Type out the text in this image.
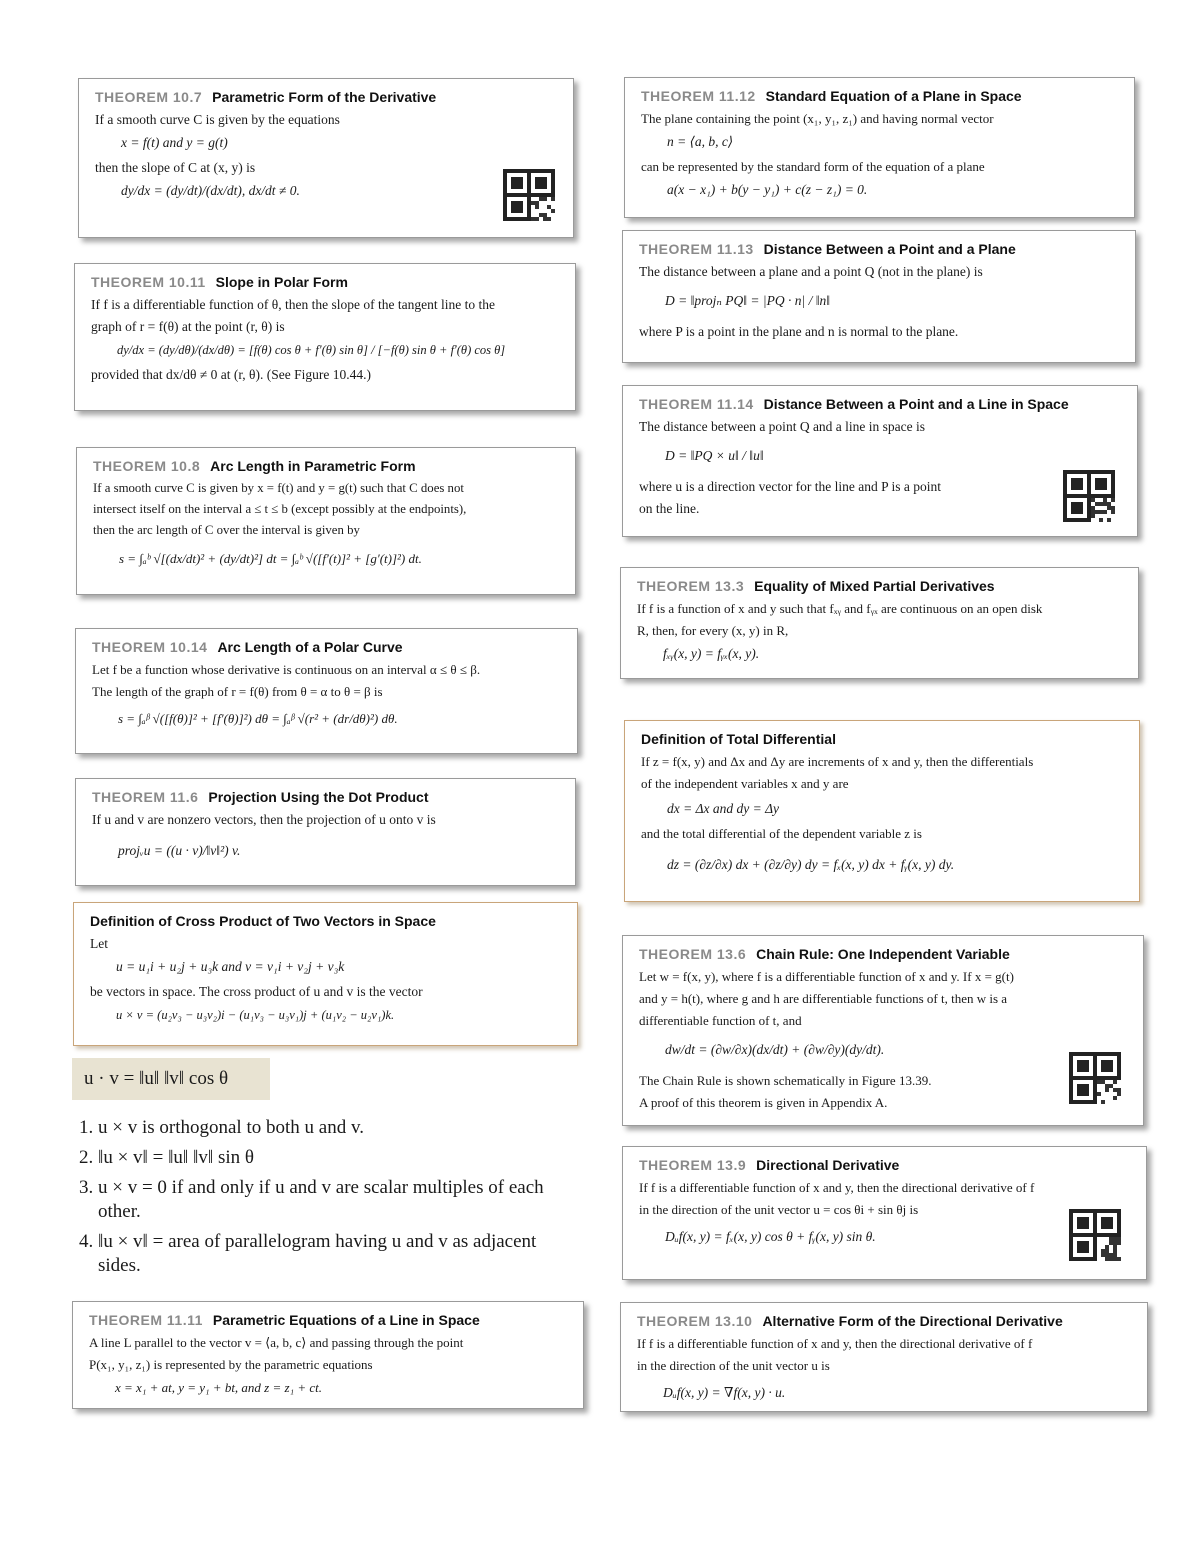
THEOREM 10.7 Parametric Form of the Derivative

If a smooth curve C is given by the equations

x = f(t) and y = g(t)

then the slope of C at (x, y) is

dy/dx = (dy/dt)/(dx/dt), dx/dt ≠ 0.
THEOREM 10.11 Slope in Polar Form

If f is a differentiable function of θ, then the slope of the tangent line to the

graph of r = f(θ) at the point (r, θ) is

dy/dx = (dy/dθ)/(dx/dθ) = [f(θ) cos θ + f′(θ) sin θ] / [−f(θ) sin θ + f′(θ) cos θ]

provided that dx/dθ ≠ 0 at (r, θ). (See Figure 10.44.)

THEOREM 10.8 Arc Length in Parametric Form

If a smooth curve C is given by x = f(t) and y = g(t) such that C does not

intersect itself on the interval a ≤ t ≤ b (except possibly at the endpoints),

then the arc length of C over the interval is given by

s = ∫ₐᵇ √[(dx/dt)² + (dy/dt)²] dt = ∫ₐᵇ √([f′(t)]² + [g′(t)]²) dt.
THEOREM 10.14 Arc Length of a Polar Curve

Let f be a function whose derivative is continuous on an interval α ≤ θ ≤ β.

The length of the graph of r = f(θ) from θ = α to θ = β is

s = ∫ₐᵝ √([f(θ)]² + [f′(θ)]²) dθ = ∫ₐᵝ √(r² + (dr/dθ)²) dθ.
THEOREM 11.6 Projection Using the Dot Product

If u and v are nonzero vectors, then the projection of u onto v is

projᵥu = ((u · v)/‖v‖²) v.
Definition of Cross Product of Two Vectors in Space

Let

u = u₁i + u₂j + u₃k and v = v₁i + v₂j + v₃k

be vectors in space. The cross product of u and v is the vector

u × v = (u₂v₃ − u₃v₂)i − (u₁v₃ − u₃v₁)j + (u₁v₂ − u₂v₁)k.
u · v = ‖u‖ ‖v‖ cos θ
1. u × v is orthogonal to both u and v.
2. ‖u × v‖ = ‖u‖ ‖v‖ sin θ
3. u × v = 0 if and only if u and v are scalar multiples of each other.
4. ‖u × v‖ = area of parallelogram having u and v as adjacent sides.
THEOREM 11.11 Parametric Equations of a Line in Space

A line L parallel to the vector v = ⟨a, b, c⟩ and passing through the point

P(x₁, y₁, z₁) is represented by the parametric equations

x = x₁ + at, y = y₁ + bt, and z = z₁ + ct.
THEOREM 11.12 Standard Equation of a Plane in Space

The plane containing the point (x₁, y₁, z₁) and having normal vector

n = ⟨a, b, c⟩

can be represented by the standard form of the equation of a plane

a(x − x₁) + b(y − y₁) + c(z − z₁) = 0.
THEOREM 11.13 Distance Between a Point and a Plane

The distance between a plane and a point Q (not in the plane) is

D = ‖projₙ PQ‖ = |PQ · n| / ‖n‖

where P is a point in the plane and n is normal to the plane.

THEOREM 11.14 Distance Between a Point and a Line in Space

The distance between a point Q and a line in space is

D = ‖PQ × u‖ / ‖u‖

where u is a direction vector for the line and P is a point

on the line.

THEOREM 13.3 Equality of Mixed Partial Derivatives

If f is a function of x and y such that fₓᵧ and fᵧₓ are continuous on an open disk

R, then, for every (x, y) in R,

fₓᵧ(x, y) = fᵧₓ(x, y).
Definition of Total Differential

If z = f(x, y) and Δx and Δy are increments of x and y, then the differentials

of the independent variables x and y are

dx = Δx and dy = Δy

and the total differential of the dependent variable z is

dz = (∂z/∂x) dx + (∂z/∂y) dy = fₓ(x, y) dx + fᵧ(x, y) dy.
THEOREM 13.6 Chain Rule: One Independent Variable

Let w = f(x, y), where f is a differentiable function of x and y. If x = g(t)

and y = h(t), where g and h are differentiable functions of t, then w is a

differentiable function of t, and

dw/dt = (∂w/∂x)(dx/dt) + (∂w/∂y)(dy/dt).

The Chain Rule is shown schematically in Figure 13.39.

A proof of this theorem is given in Appendix A.

THEOREM 13.9 Directional Derivative

If f is a differentiable function of x and y, then the directional derivative of f

in the direction of the unit vector u = cos θi + sin θj is

Dᵤf(x, y) = fₓ(x, y) cos θ + fᵧ(x, y) sin θ.
THEOREM 13.10 Alternative Form of the Directional Derivative

If f is a differentiable function of x and y, then the directional derivative of f

in the direction of the unit vector u is

Dᵤf(x, y) = ∇f(x, y) · u.
